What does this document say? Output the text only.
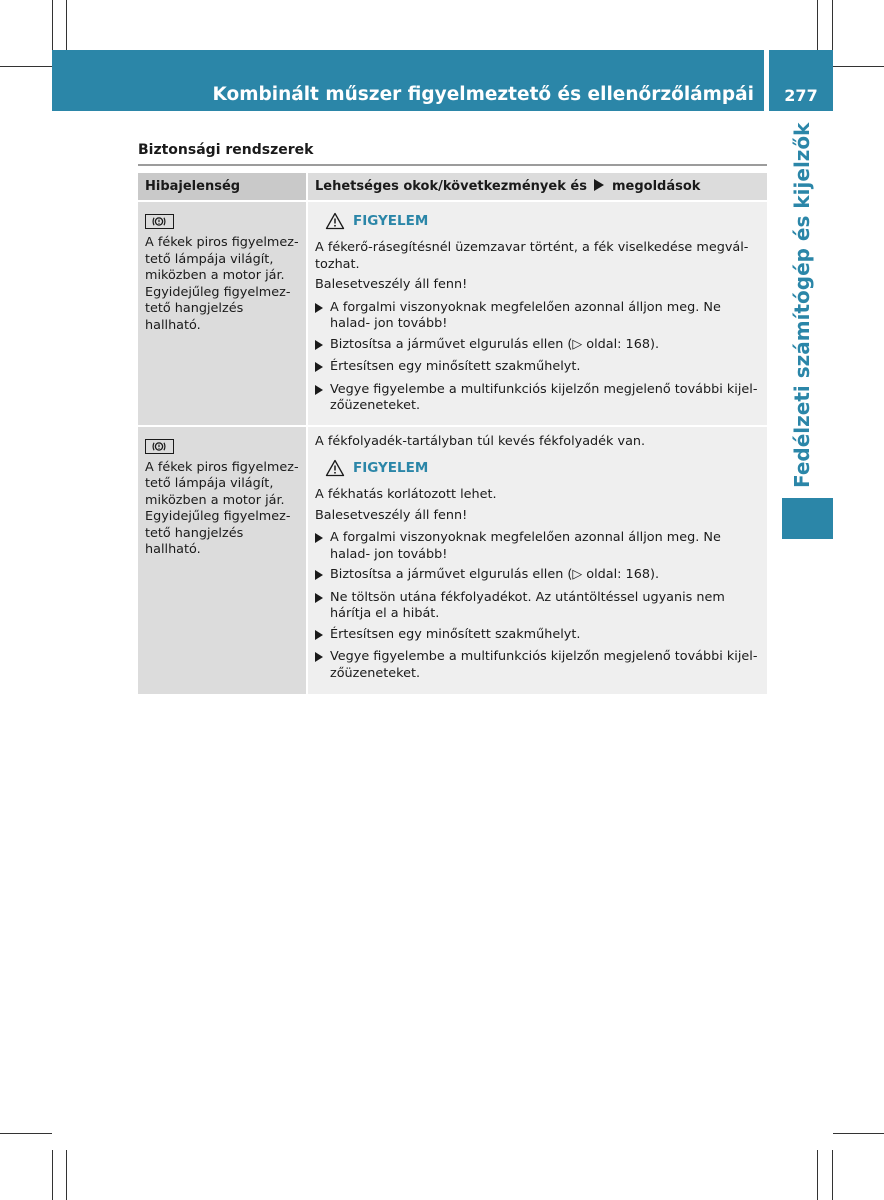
Kombinált műszer figyelmeztető és ellenőrzőlámpái	277
Fedélzeti számítógép és kijelzők
Biztonsági rendszerek
Hibajelenség	Lehetséges okok/következmények és megoldások
A fékek piros figyelmez- tető lámpája világít, miközben a motor jár. Egyidejűleg figyelmez- tető hangjelzés hallható.
FIGYELEM
A fékerő-rásegítésnél üzemzavar történt, a fék viselkedése megvál- tozhat.
Balesetveszély áll fenn!
A forgalmi viszonyoknak megfelelően azonnal álljon meg. Ne halad- jon tovább!
Biztosítsa a járművet elgurulás ellen (▷ oldal: 168).
Értesítsen egy minősített szakműhelyt.
Vegye figyelembe a multifunkciós kijelzőn megjelenő további kijel- zőüzeneteket.
A fékek piros figyelmez- tető lámpája világít, miközben a motor jár. Egyidejűleg figyelmez- tető hangjelzés hallható.
A fékfolyadék-tartályban túl kevés fékfolyadék van.
FIGYELEM
A fékhatás korlátozott lehet.
Balesetveszély áll fenn!
A forgalmi viszonyoknak megfelelően azonnal álljon meg. Ne halad- jon tovább!
Biztosítsa a járművet elgurulás ellen (▷ oldal: 168).
Ne töltsön utána fékfolyadékot. Az utántöltéssel ugyanis nem hárítja el a hibát.
Értesítsen egy minősített szakműhelyt.
Vegye figyelembe a multifunkciós kijelzőn megjelenő további kijel- zőüzeneteket.
